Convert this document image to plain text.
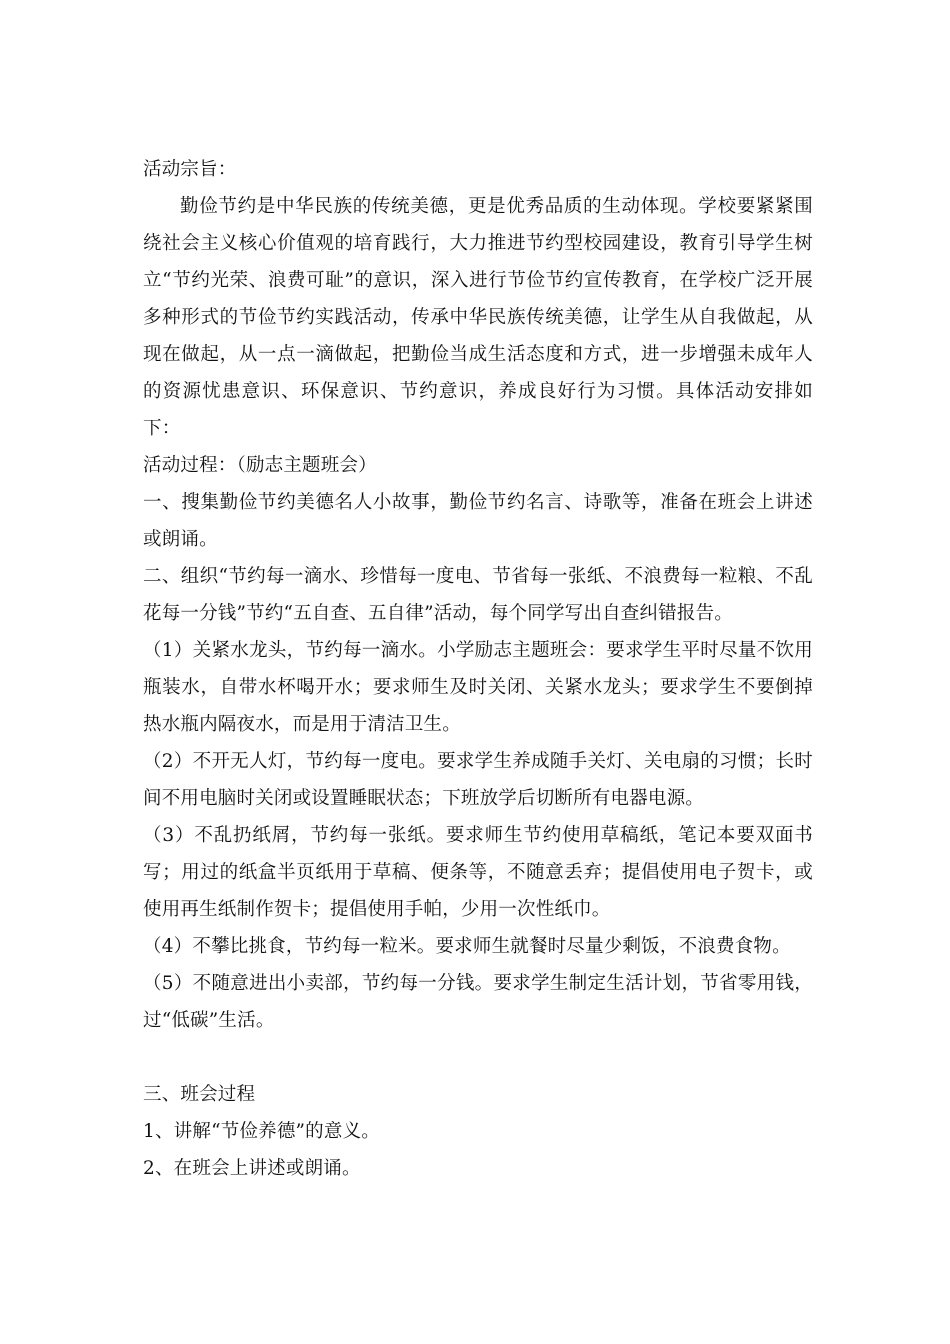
活动宗旨：

勤俭节约是中华民族的传统美德，更是优秀品质的生动体现。学校要紧紧围绕社会主义核心价值观的培育践行，大力推进节约型校园建设，教育引导学生树立“节约光荣、浪费可耻”的意识，深入进行节俭节约宣传教育，在学校广泛开展多种形式的节俭节约实践活动，传承中华民族传统美德，让学生从自我做起，从现在做起，从一点一滴做起，把勤俭当成生活态度和方式，进一步增强未成年人的资源忧患意识、环保意识、节约意识，养成良好行为习惯。具体活动安排如下：

活动过程：（励志主题班会）

一、搜集勤俭节约美德名人小故事，勤俭节约名言、诗歌等，准备在班会上讲述或朗诵。

二、组织“节约每一滴水、珍惜每一度电、节省每一张纸、不浪费每一粒粮、不乱花每一分钱”节约“五自查、五自律”活动，每个同学写出自查纠错报告。

（1）关紧水龙头，节约每一滴水。小学励志主题班会：要求学生平时尽量不饮用瓶装水，自带水杯喝开水；要求师生及时关闭、关紧水龙头；要求学生不要倒掉热水瓶内隔夜水，而是用于清洁卫生。

（2）不开无人灯，节约每一度电。要求学生养成随手关灯、关电扇的习惯；长时间不用电脑时关闭或设置睡眠状态；下班放学后切断所有电器电源。

（3）不乱扔纸屑，节约每一张纸。要求师生节约使用草稿纸，笔记本要双面书写；用过的纸盒半页纸用于草稿、便条等，不随意丢弃；提倡使用电子贺卡，或使用再生纸制作贺卡；提倡使用手帕，少用一次性纸巾。

（4）不攀比挑食，节约每一粒米。要求师生就餐时尽量少剩饭，不浪费食物。

（5）不随意进出小卖部，节约每一分钱。要求学生制定生活计划，节省零用钱，过“低碳”生活。

三、班会过程

1、讲解“节俭养德”的意义。

2、在班会上讲述或朗诵。
